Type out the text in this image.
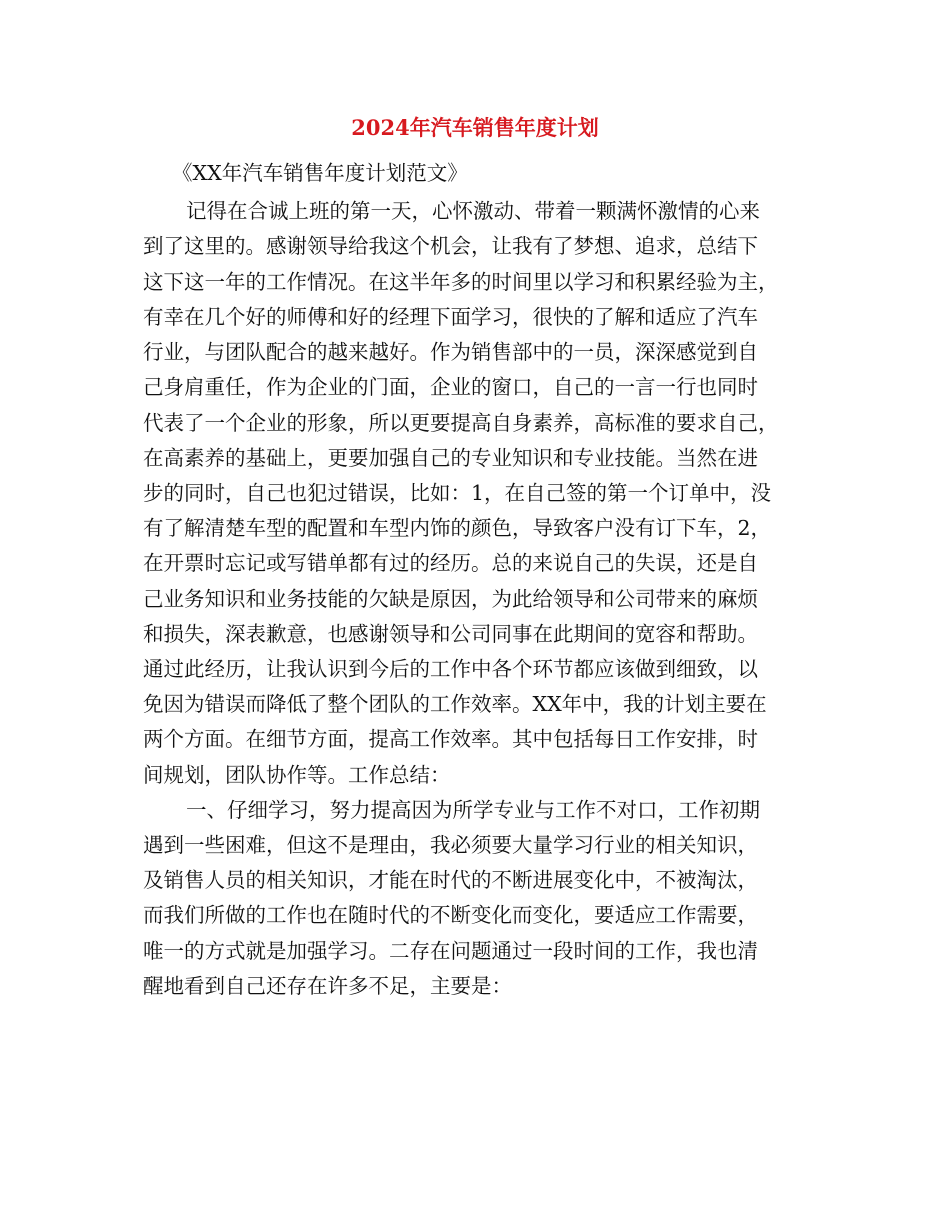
2024年汽车销售年度计划
《XX年汽车销售年度计划范文》
记得在合诚上班的第一天，心怀激动、带着一颗满怀激情的心来
到了这里的。感谢领导给我这个机会，让我有了梦想、追求，总结下
这下这一年的工作情况。在这半年多的时间里以学习和积累经验为主，
有幸在几个好的师傅和好的经理下面学习，很快的了解和适应了汽车
行业，与团队配合的越来越好。作为销售部中的一员，深深感觉到自
己身肩重任，作为企业的门面，企业的窗口，自己的一言一行也同时
代表了一个企业的形象，所以更要提高自身素养，高标准的要求自己，
在高素养的基础上，更要加强自己的专业知识和专业技能。当然在进
步的同时，自己也犯过错误，比如：1，在自己签的第一个订单中，没
有了解清楚车型的配置和车型内饰的颜色，导致客户没有订下车，2，
在开票时忘记或写错单都有过的经历。总的来说自己的失误，还是自
己业务知识和业务技能的欠缺是原因，为此给领导和公司带来的麻烦
和损失，深表歉意，也感谢领导和公司同事在此期间的宽容和帮助。
通过此经历，让我认识到今后的工作中各个环节都应该做到细致，以
免因为错误而降低了整个团队的工作效率。XX年中，我的计划主要在
两个方面。在细节方面，提高工作效率。其中包括每日工作安排，时
间规划，团队协作等。工作总结：
一、仔细学习，努力提高因为所学专业与工作不对口，工作初期
遇到一些困难，但这不是理由，我必须要大量学习行业的相关知识，
及销售人员的相关知识，才能在时代的不断进展变化中，不被淘汰，
而我们所做的工作也在随时代的不断变化而变化，要适应工作需要，
唯一的方式就是加强学习。二存在问题通过一段时间的工作，我也清
醒地看到自己还存在许多不足，主要是：
